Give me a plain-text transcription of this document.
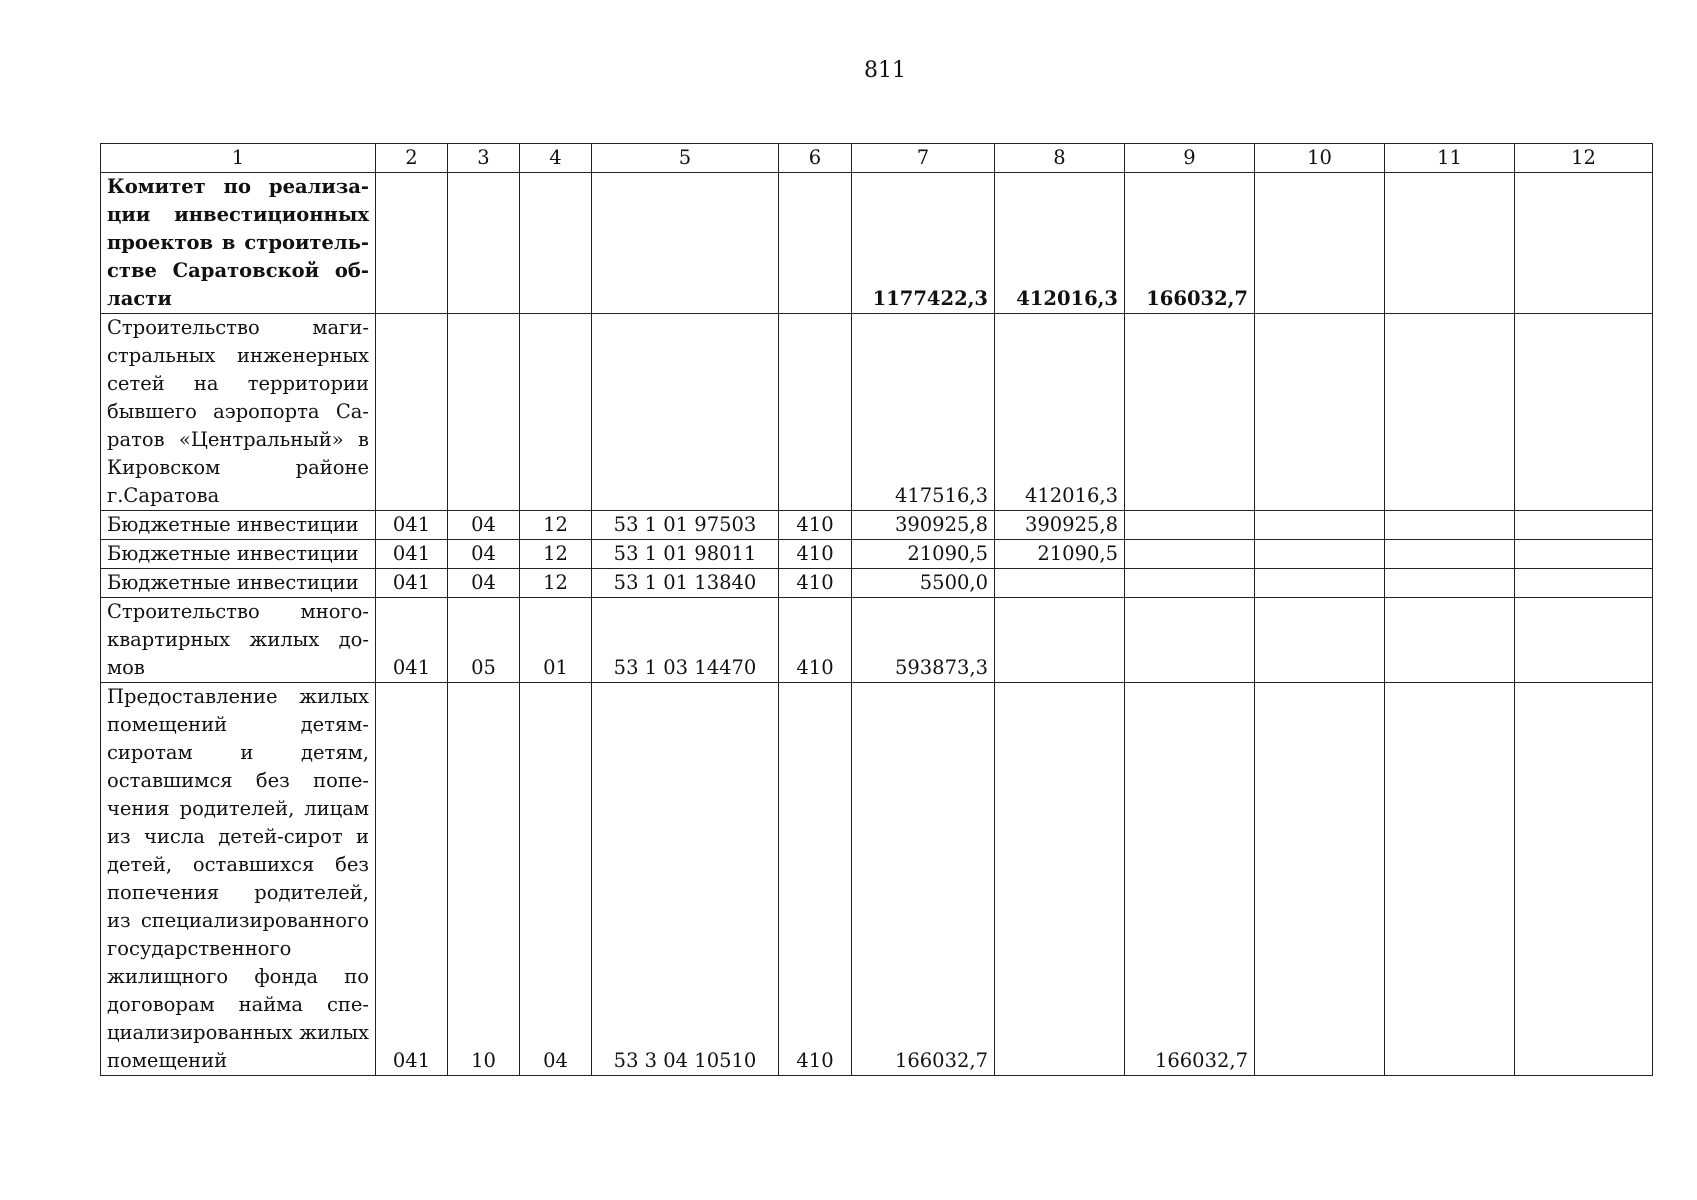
811
1	2	3	4	5	6	7	8	9	10	11	12
Комитет по реализации инвестиционных проектов в строительстве Саратовской области						1177422,3	412016,3	166032,7			
Строительство магистральных инженерных сетей на территории бывшего аэропорта Саратов «Центральный» в Кировском районе г.Саратова						417516,3	412016,3				
Бюджетные инвестиции	041	04	12	53 1 01 97503	410	390925,8	390925,8				
Бюджетные инвестиции	041	04	12	53 1 01 98011	410	21090,5	21090,5				
Бюджетные инвестиции	041	04	12	53 1 01 13840	410	5500,0					
Строительство многоквартирных жилых домов	041	05	01	53 1 03 14470	410	593873,3					
Предоставление жилых помещений детям-сиротам и детям, оставшимся без попечения родителей, лицам из числа детей-сирот и детей, оставшихся без попечения родителей, из специализированного государственного жилищного фонда по договорам найма специализированных жилых помещений	041	10	04	53 3 04 10510	410	166032,7		166032,7			
